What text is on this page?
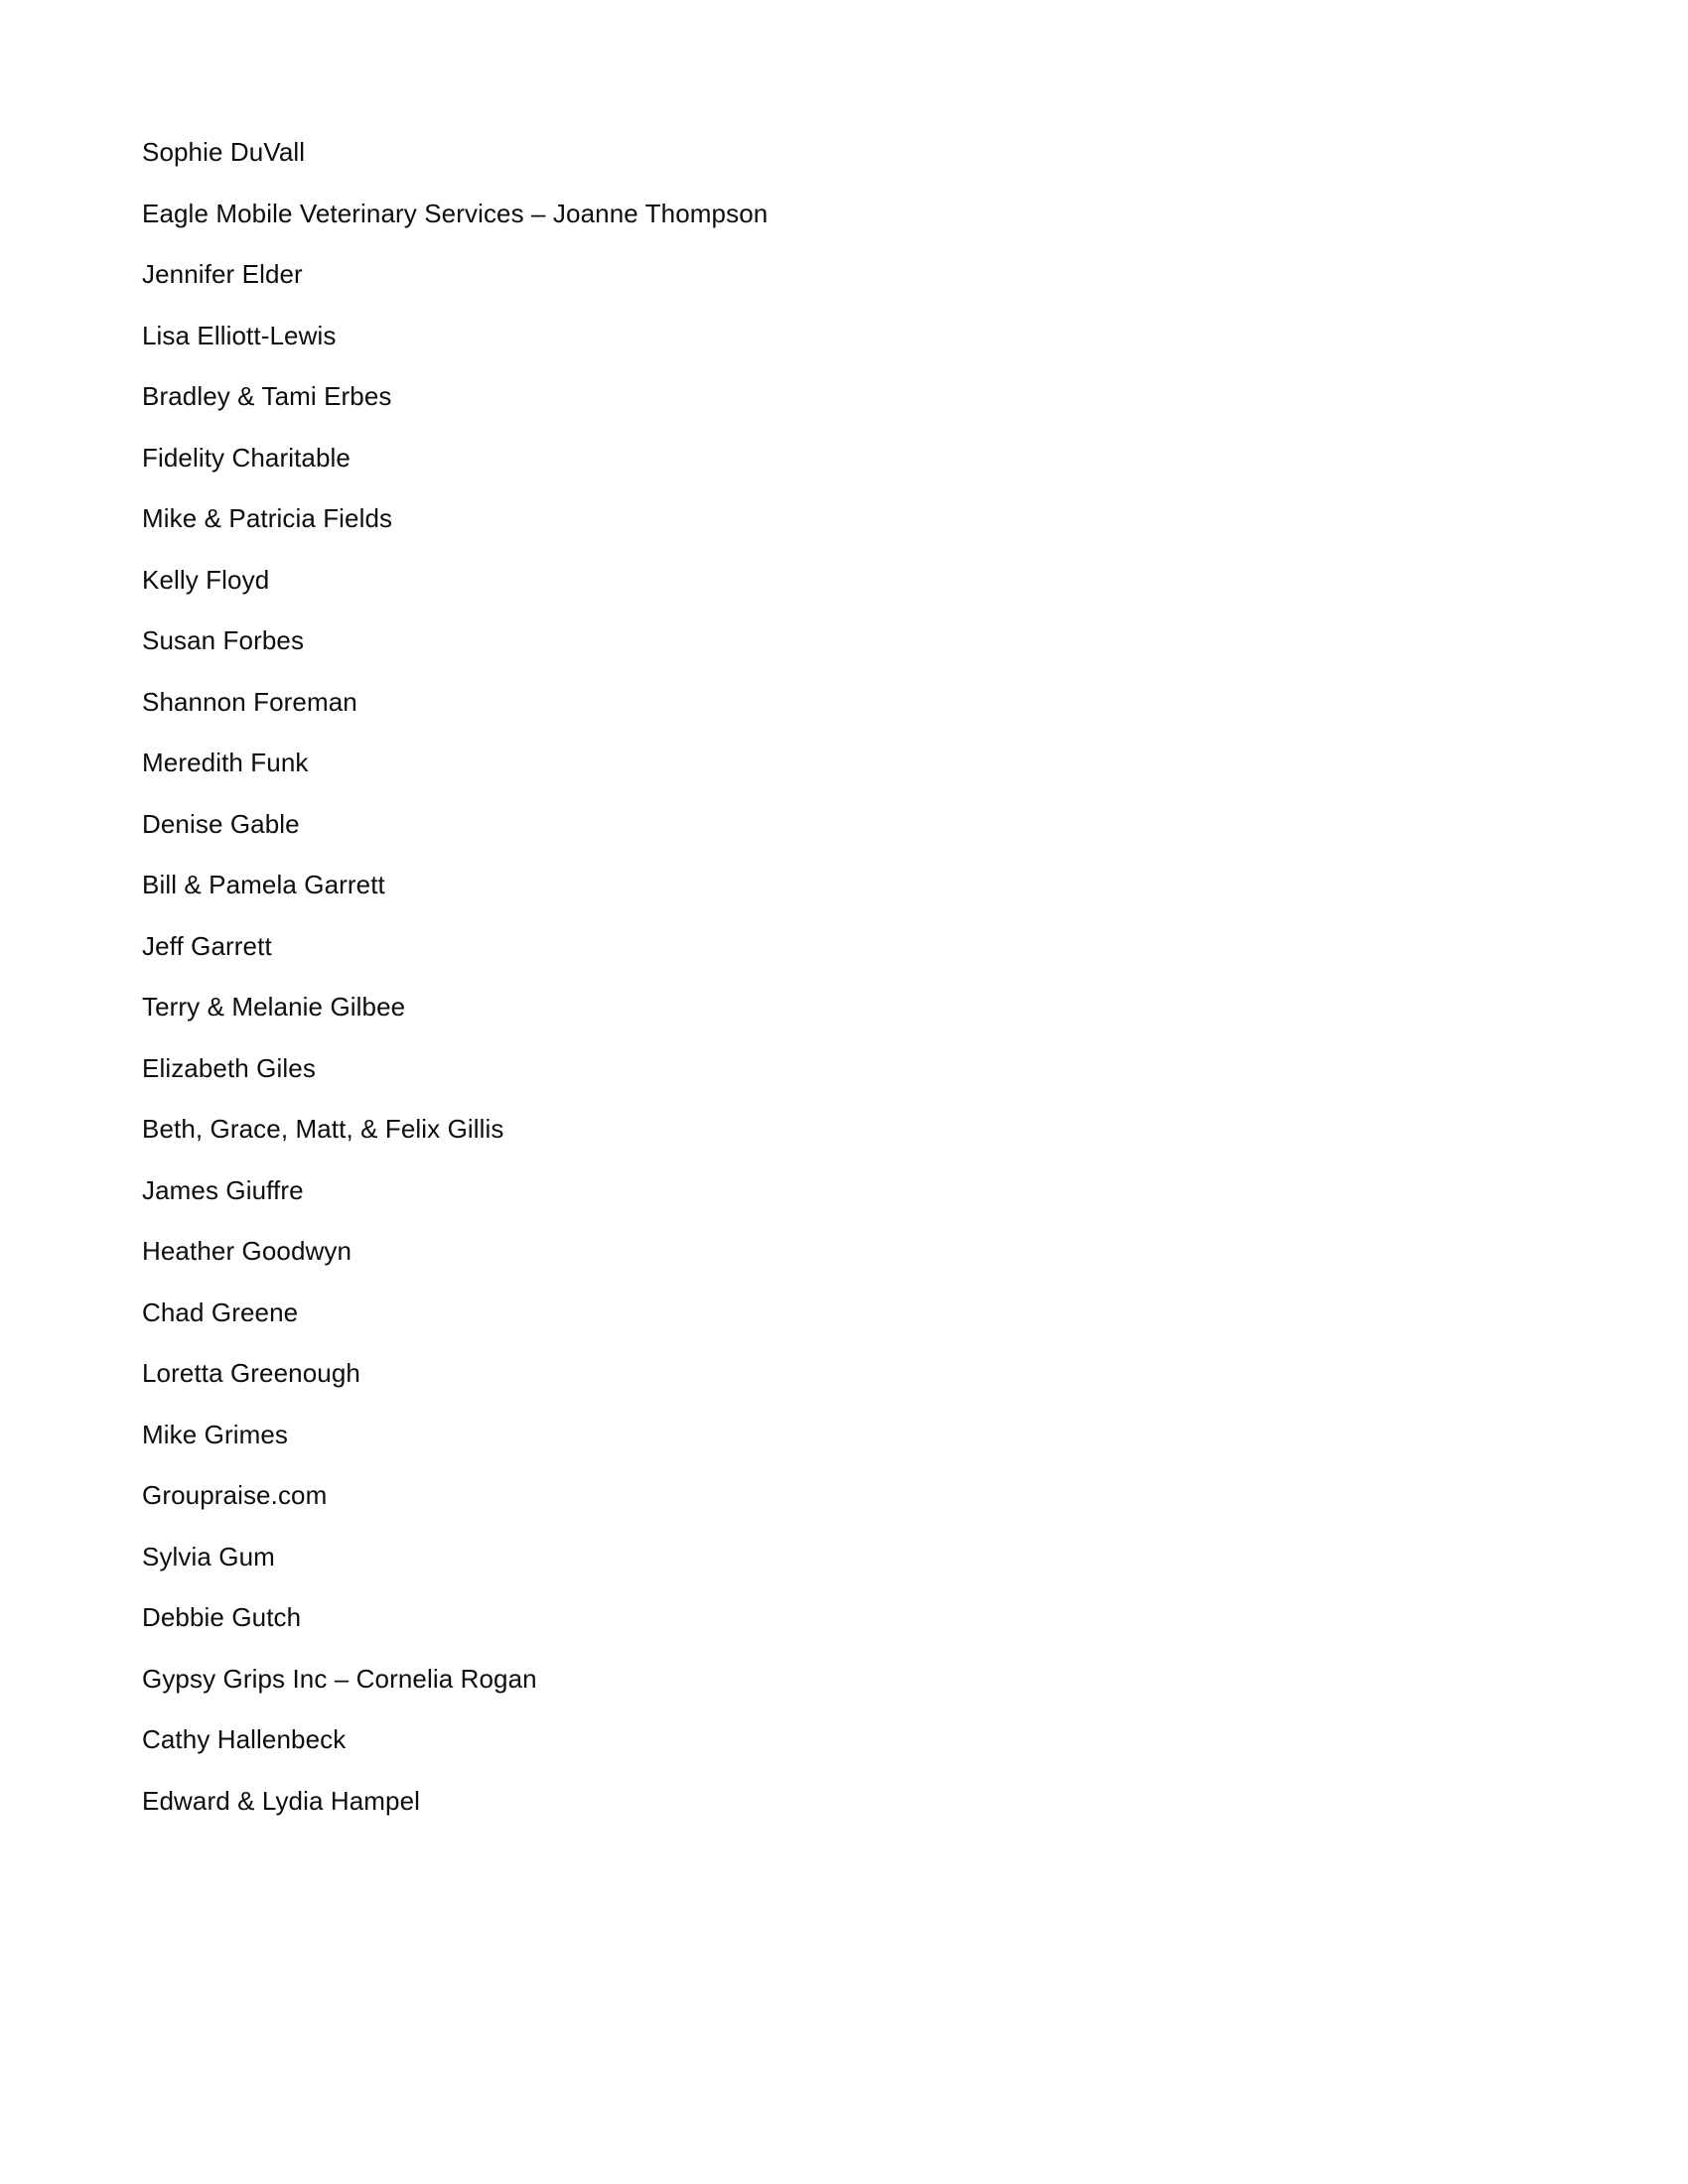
Sophie DuVall

Eagle Mobile Veterinary Services – Joanne Thompson

Jennifer Elder

Lisa Elliott-Lewis

Bradley & Tami Erbes

Fidelity Charitable

Mike & Patricia Fields

Kelly Floyd

Susan Forbes

Shannon Foreman

Meredith Funk

Denise Gable

Bill & Pamela Garrett

Jeff Garrett

Terry & Melanie Gilbee

Elizabeth Giles

Beth, Grace, Matt, & Felix Gillis

James Giuffre

Heather Goodwyn

Chad Greene

Loretta Greenough

Mike Grimes

Groupraise.com

Sylvia Gum

Debbie Gutch

Gypsy Grips Inc – Cornelia Rogan

Cathy Hallenbeck

Edward & Lydia Hampel
